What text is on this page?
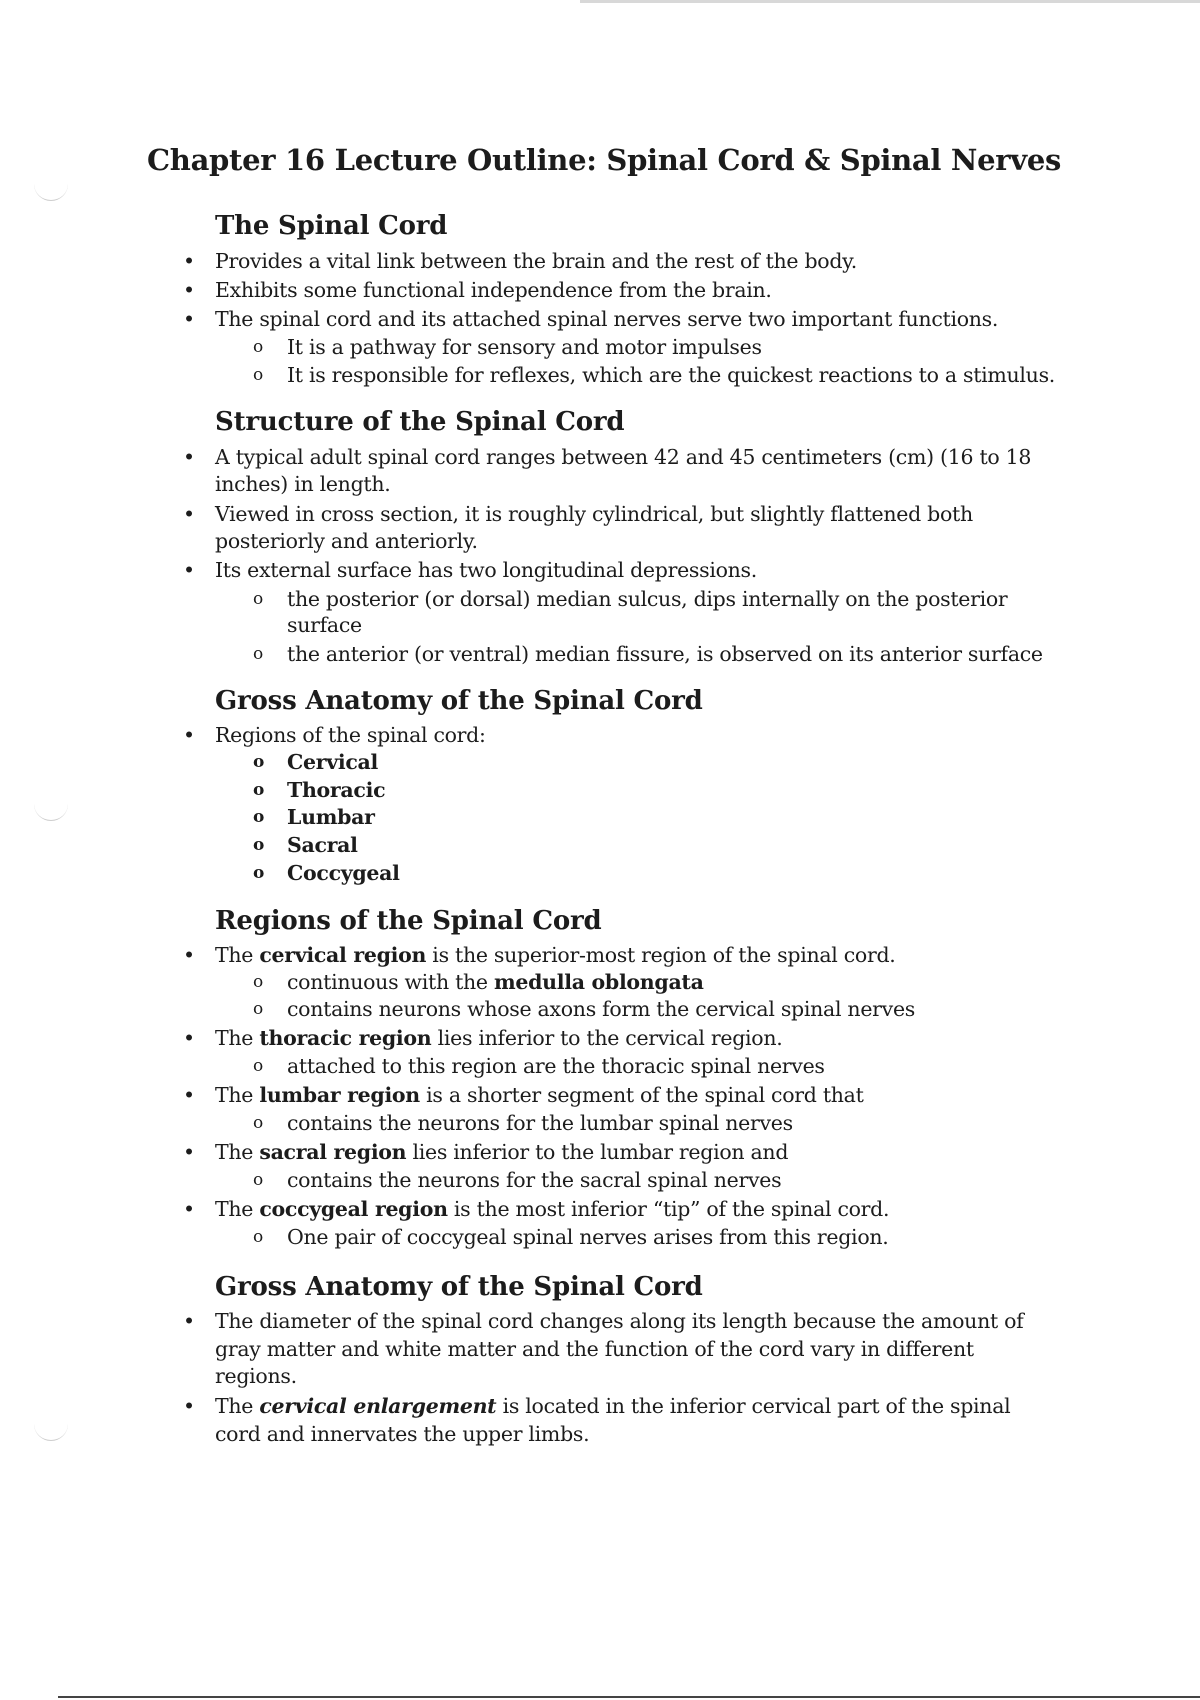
Chapter 16 Lecture Outline: Spinal Cord & Spinal Nerves
The Spinal Cord
• Provides a vital link between the brain and the rest of the body.
• Exhibits some functional independence from the brain.
• The spinal cord and its attached spinal nerves serve two important functions.
o It is a pathway for sensory and motor impulses
o It is responsible for reflexes, which are the quickest reactions to a stimulus.
Structure of the Spinal Cord
• A typical adult spinal cord ranges between 42 and 45 centimeters (cm) (16 to 18
inches) in length.
• Viewed in cross section, it is roughly cylindrical, but slightly flattened both
posteriorly and anteriorly.
• Its external surface has two longitudinal depressions.
o the posterior (or dorsal) median sulcus, dips internally on the posterior
surface
o the anterior (or ventral) median fissure, is observed on its anterior surface
Gross Anatomy of the Spinal Cord
• Regions of the spinal cord:
o Cervical
o Thoracic
o Lumbar
o Sacral
o Coccygeal
Regions of the Spinal Cord
• The cervical region is the superior-most region of the spinal cord.
o continuous with the medulla oblongata
o contains neurons whose axons form the cervical spinal nerves
• The thoracic region lies inferior to the cervical region.
o attached to this region are the thoracic spinal nerves
• The lumbar region is a shorter segment of the spinal cord that
o contains the neurons for the lumbar spinal nerves
• The sacral region lies inferior to the lumbar region and
o contains the neurons for the sacral spinal nerves
• The coccygeal region is the most inferior “tip” of the spinal cord.
o One pair of coccygeal spinal nerves arises from this region.
Gross Anatomy of the Spinal Cord
• The diameter of the spinal cord changes along its length because the amount of
gray matter and white matter and the function of the cord vary in different
regions.
• The cervical enlargement is located in the inferior cervical part of the spinal
cord and innervates the upper limbs.
